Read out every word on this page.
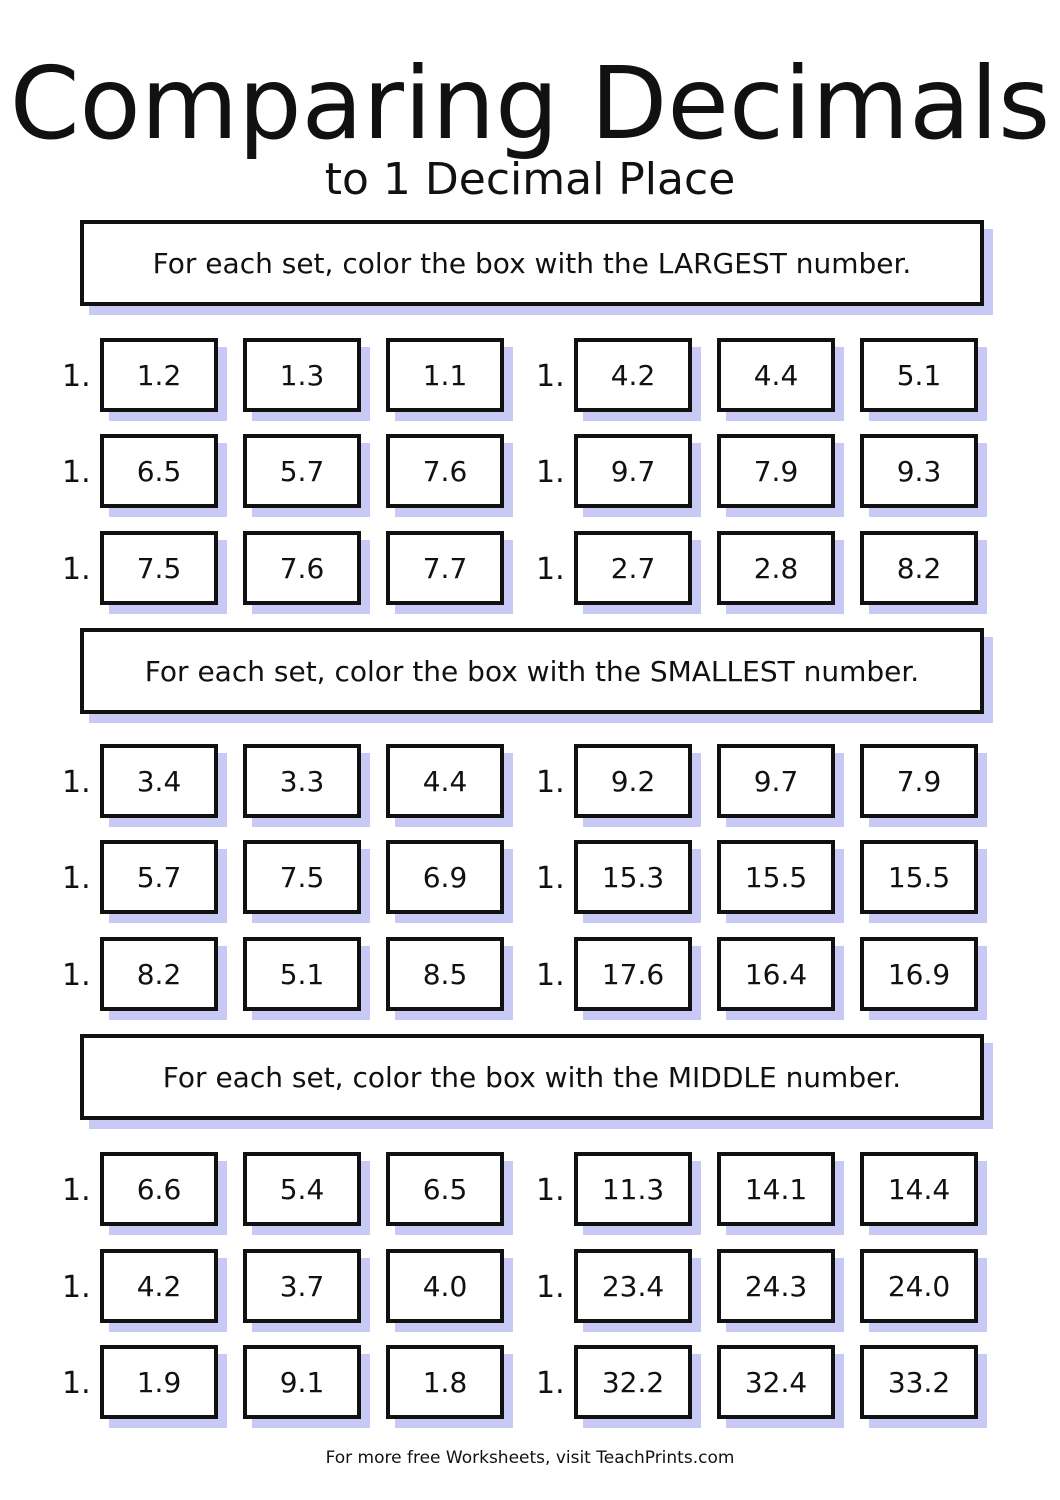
Comparing Decimals
to 1 Decimal Place
For each set, color the box with the LARGEST number.
1.	1.2	1.3	1.1	1.	4.2	4.4	5.1
1.	6.5	5.7	7.6	1.	9.7	7.9	9.3
1.	7.5	7.6	7.7	1.	2.7	2.8	8.2
For each set, color the box with the SMALLEST number.
1.	3.4	3.3	4.4	1.	9.2	9.7	7.9
1.	5.7	7.5	6.9	1.	15.3	15.5	15.5
1.	8.2	5.1	8.5	1.	17.6	16.4	16.9
For each set, color the box with the MIDDLE number.
1.	6.6	5.4	6.5	1.	11.3	14.1	14.4
1.	4.2	3.7	4.0	1.	23.4	24.3	24.0
1.	1.9	9.1	1.8	1.	32.2	32.4	33.2
For more free Worksheets, visit TeachPrints.com
